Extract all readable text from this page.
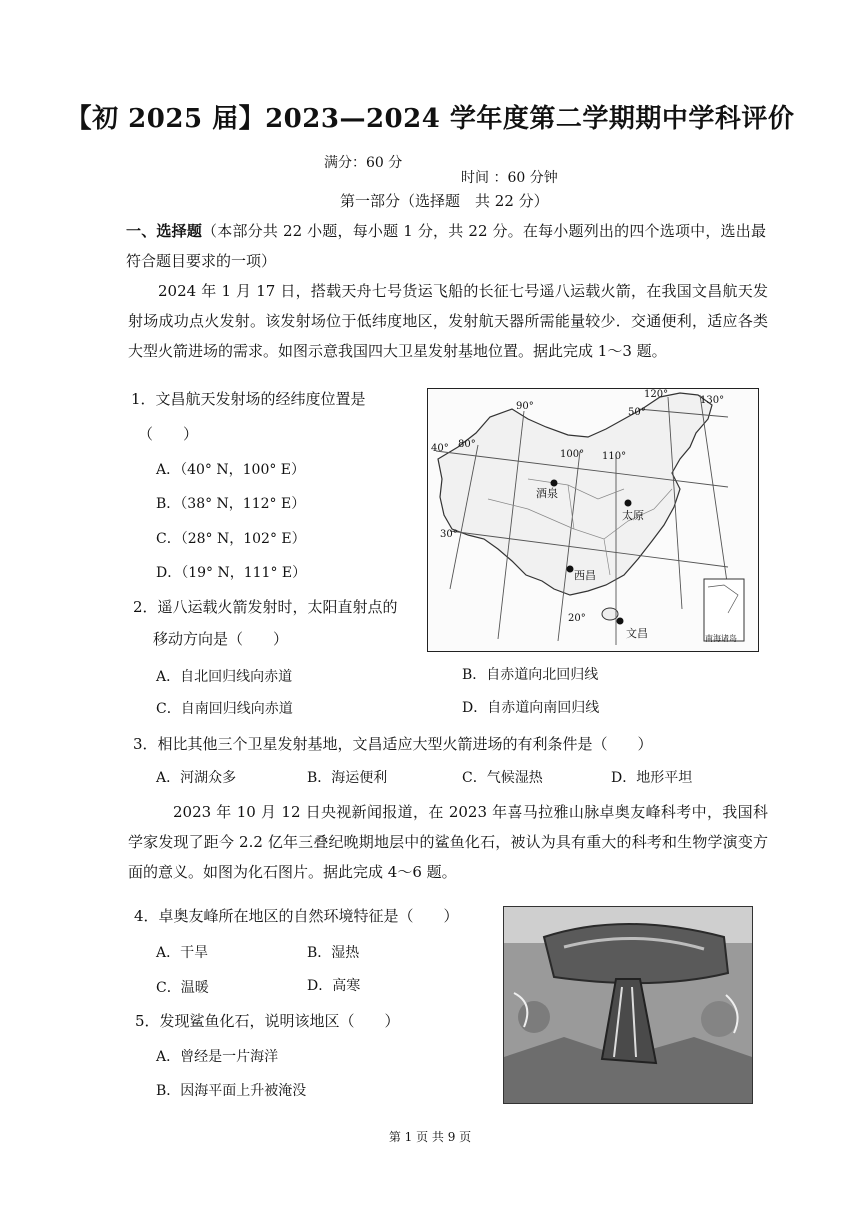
【初 2025 届】2023—2024 学年度第二学期期中学科评价
满分：60 分
时间 ：60 分钟
第一部分（选择题　共 22 分）
一、选择题（本部分共 22 小题，每小题 1 分，共 22 分。在每小题列出的四个选项中，选出最符合题目要求的一项）
2024 年 1 月 17 日，搭载天舟七号货运飞船的长征七号遥八运载火箭，在我国文昌航天发射场成功点火发射。该发射场位于低纬度地区，发射航天器所需能量较少．交通便利，适应各类大型火箭进场的需求。如图示意我国四大卫星发射基地位置。据此完成 1～3 题。
1．文昌航天发射场的经纬度位置是
（　　）
A．（40° N，100° E）
B．（38° N，112° E）
C．（28° N，102° E）
D．（19° N，111° E）
2．遥八运载火箭发射时，太阳直射点的
移动方向是（　　）
A．自北回归线向赤道	B．自赤道向北回归线
C．自南回归线向赤道	D．自赤道向南回归线
3．相比其他三个卫星发射基地，文昌适应大型火箭进场的有利条件是（　　）
A．河湖众多	B．海运便利	C．气候湿热	D．地形平坦
2023 年 10 月 12 日央视新闻报道，在 2023 年喜马拉雅山脉卓奥友峰科考中，我国科学家发现了距今 2.2 亿年三叠纪晚期地层中的鲨鱼化石，被认为具有重大的科考和生物学演变方面的意义。如图为化石图片。据此完成 4～6 题。
4．卓奥友峰所在地区的自然环境特征是（　　）
A．干旱	B．湿热
C．温暖	D．高寒
5．发现鲨鱼化石，说明该地区（　　）
A．曾经是一片海洋
B．因海平面上升被淹没
90°
100° 110°
120°
130°
40°
30°
20°
50°
80°
酒泉
太原
西昌
文昌	南海诸岛
第 1 页 共 9 页
